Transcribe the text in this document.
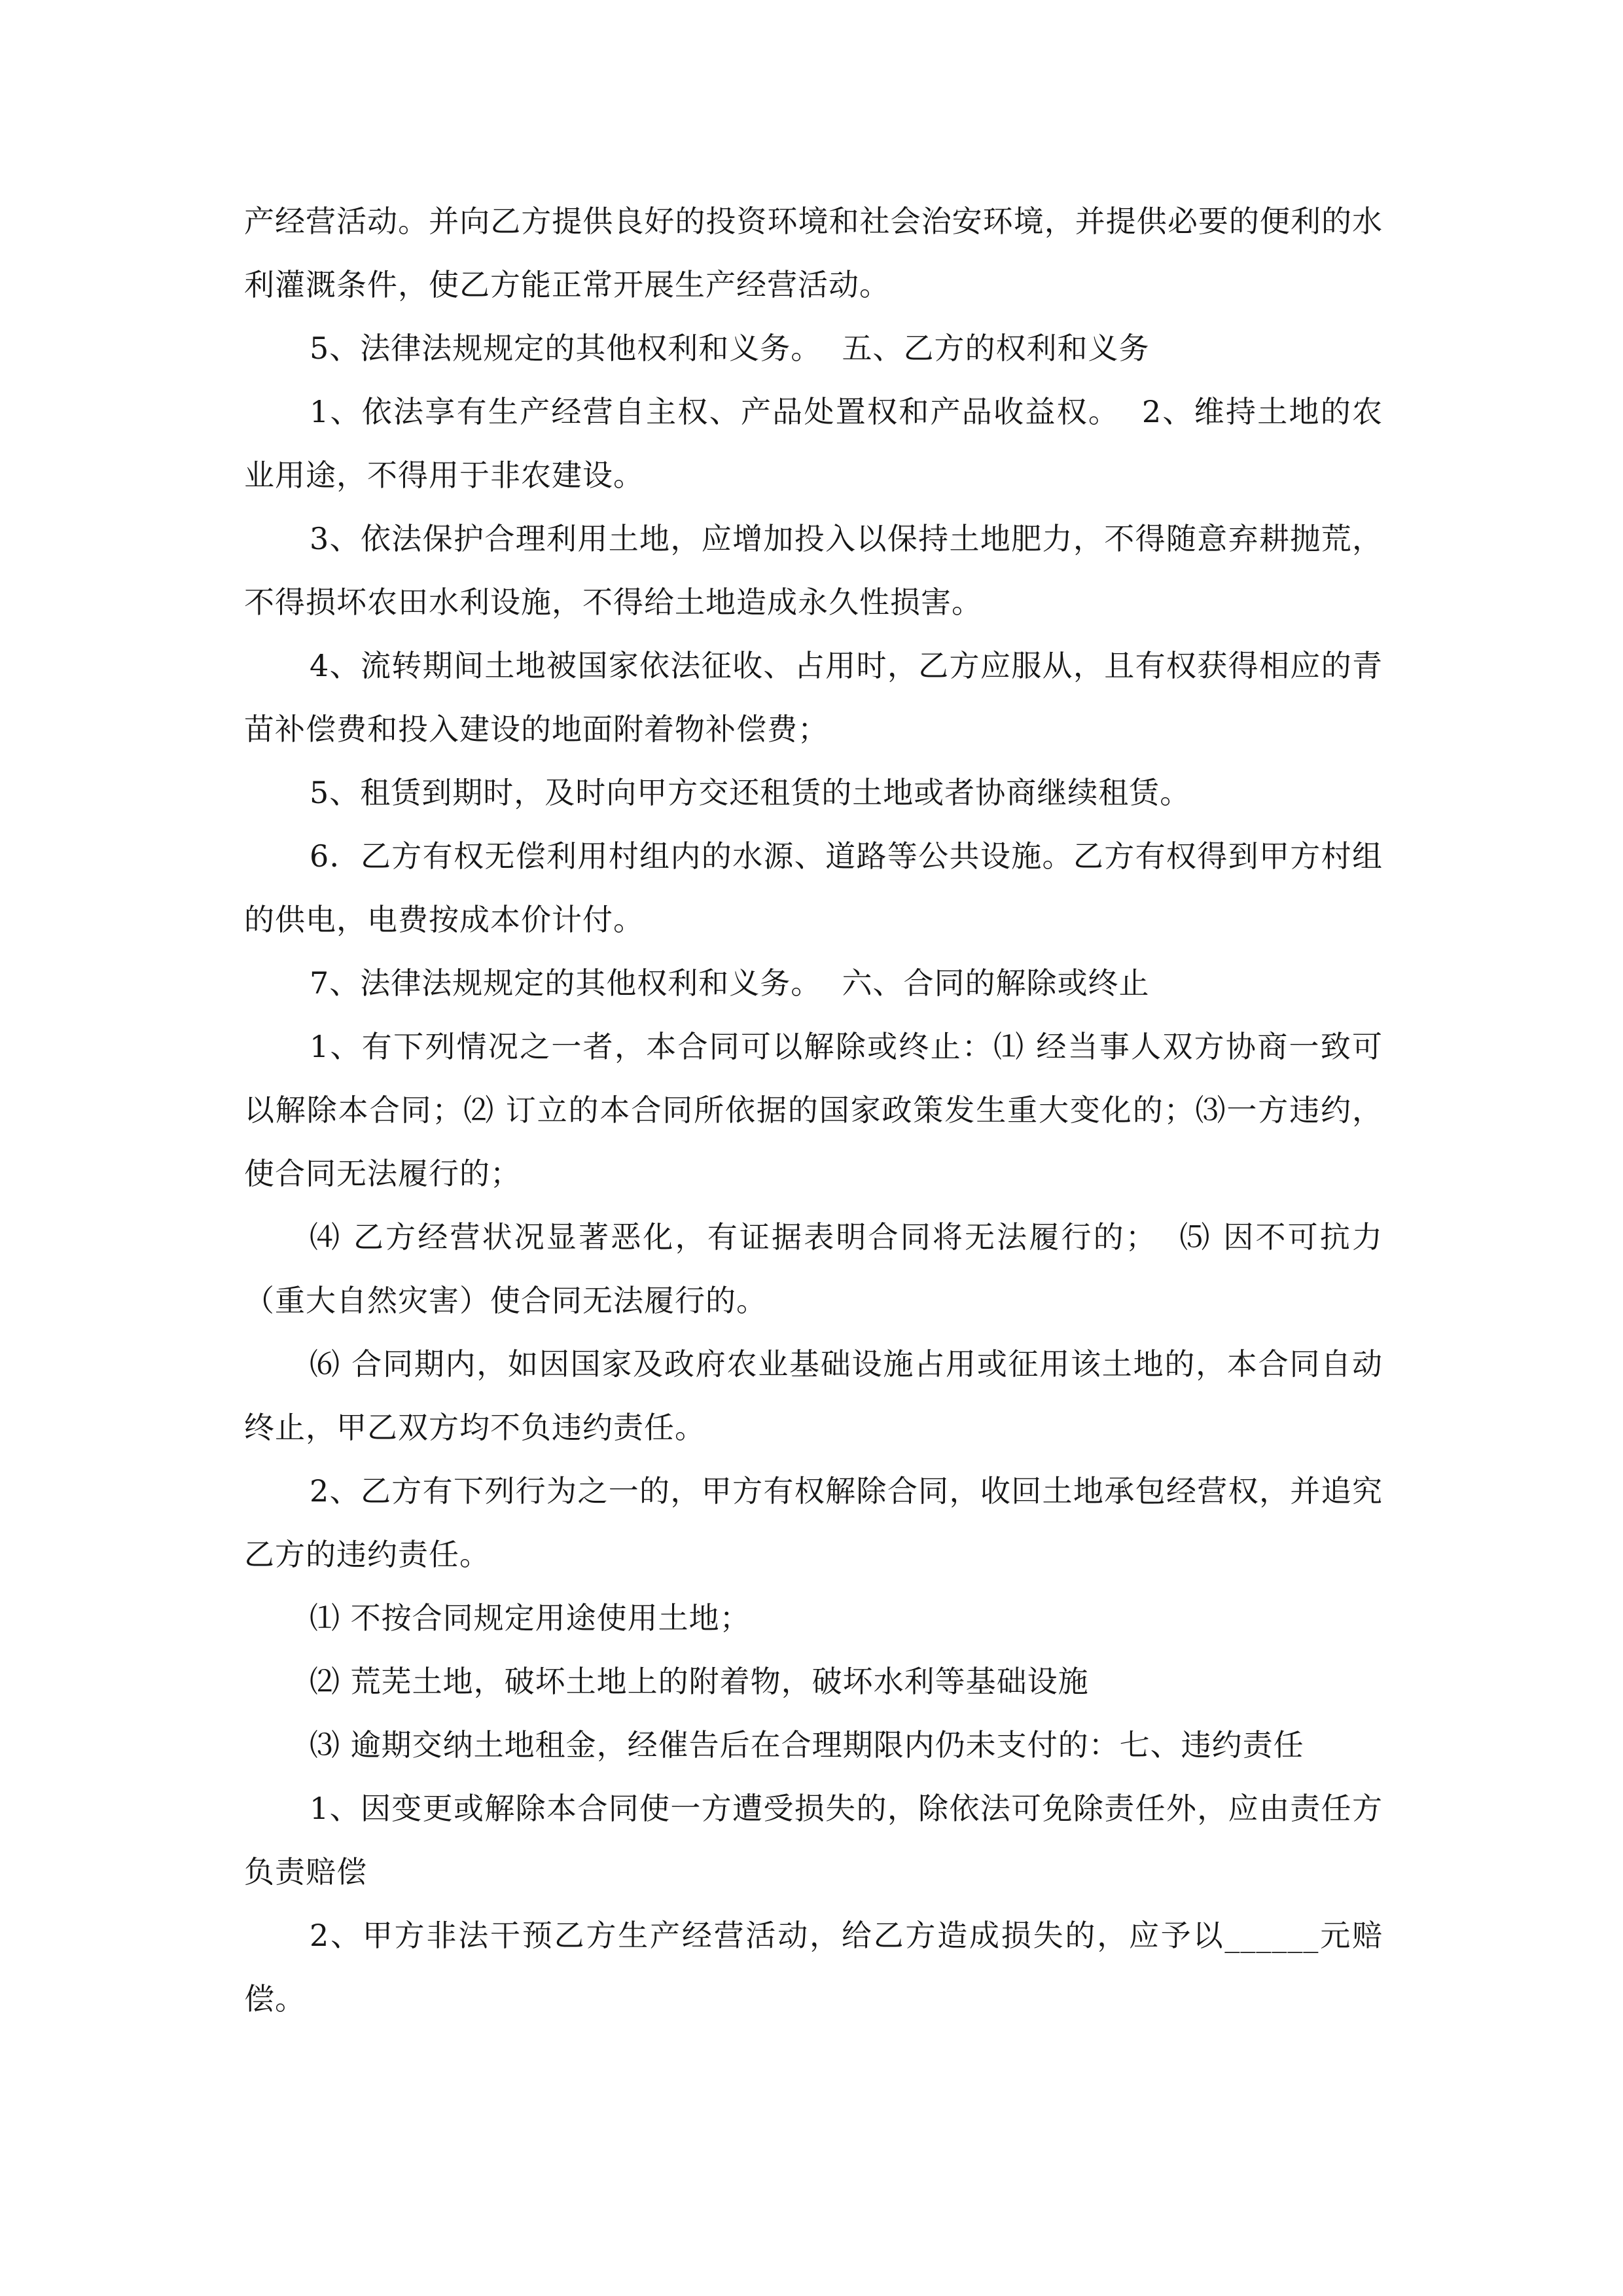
产经营活动。并向乙方提供良好的投资环境和社会治安环境，并提供必要的便利的水利灌溉条件，使乙方能正常开展生产经营活动。

5、法律法规规定的其他权利和义务。  五、乙方的权利和义务

1、依法享有生产经营自主权、产品处置权和产品收益权。  2、维持土地的农业用途，不得用于非农建设。

3、依法保护合理利用土地，应增加投入以保持土地肥力，不得随意弃耕抛荒，不得损坏农田水利设施，不得给土地造成永久性损害。

4、流转期间土地被国家依法征收、占用时，乙方应服从，且有权获得相应的青苗补偿费和投入建设的地面附着物补偿费；

5、租赁到期时，及时向甲方交还租赁的土地或者协商继续租赁。

6．乙方有权无偿利用村组内的水源、道路等公共设施。乙方有权得到甲方村组的供电，电费按成本价计付。

7、法律法规规定的其他权利和义务。  六、合同的解除或终止

1、有下列情况之一者，本合同可以解除或终止：⑴ 经当事人双方协商一致可以解除本合同；⑵ 订立的本合同所依据的国家政策发生重大变化的；⑶一方违约，使合同无法履行的；

⑷ 乙方经营状况显著恶化，有证据表明合同将无法履行的；  ⑸ 因不可抗力（重大自然灾害）使合同无法履行的。

⑹ 合同期内，如因国家及政府农业基础设施占用或征用该土地的，本合同自动终止，甲乙双方均不负违约责任。

2、乙方有下列行为之一的，甲方有权解除合同，收回土地承包经营权，并追究乙方的违约责任。

⑴ 不按合同规定用途使用土地；

⑵ 荒芜土地，破坏土地上的附着物，破坏水利等基础设施

⑶ 逾期交纳土地租金，经催告后在合理期限内仍未支付的：七、违约责任

1、因变更或解除本合同使一方遭受损失的，除依法可免除责任外，应由责任方负责赔偿

2、甲方非法干预乙方生产经营活动，给乙方造成损失的，应予以______元赔偿。
